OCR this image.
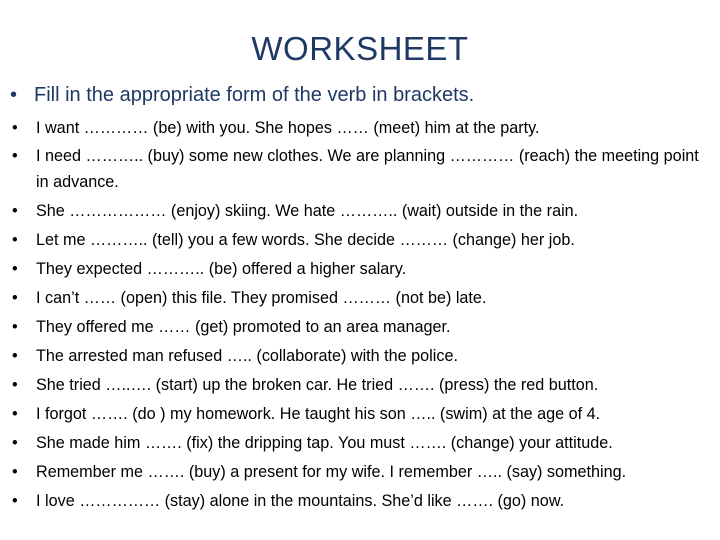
WORKSHEET
• Fill in the appropriate form of the verb in brackets.
• I want ………… (be) with you. She hopes …… (meet) him at the party.
• I need ……….. (buy) some new clothes. We are planning ………… (reach) the meeting point in advance.
• She ……………… (enjoy) skiing. We hate ……….. (wait) outside in the rain.
• Let me ……….. (tell) you a few words. She decide ……… (change) her job.
• They expected ……….. (be) offered a higher salary.
• I can’t …… (open) this file. They promised ……… (not be) late.
• They offered me …… (get) promoted to an area manager.
• The arrested man refused ….. (collaborate) with the police.
• She tried …..…. (start) up the broken car. He tried ……. (press) the red button.
• I forgot ……. (do ) my homework. He taught his son ….. (swim) at the age of 4.
• She made him ……. (fix) the dripping tap. You must ……. (change) your attitude.
• Remember me ……. (buy) a present for my wife. I remember ….. (say) something.
• I love …………… (stay) alone in the mountains. She’d like ……. (go) now.
